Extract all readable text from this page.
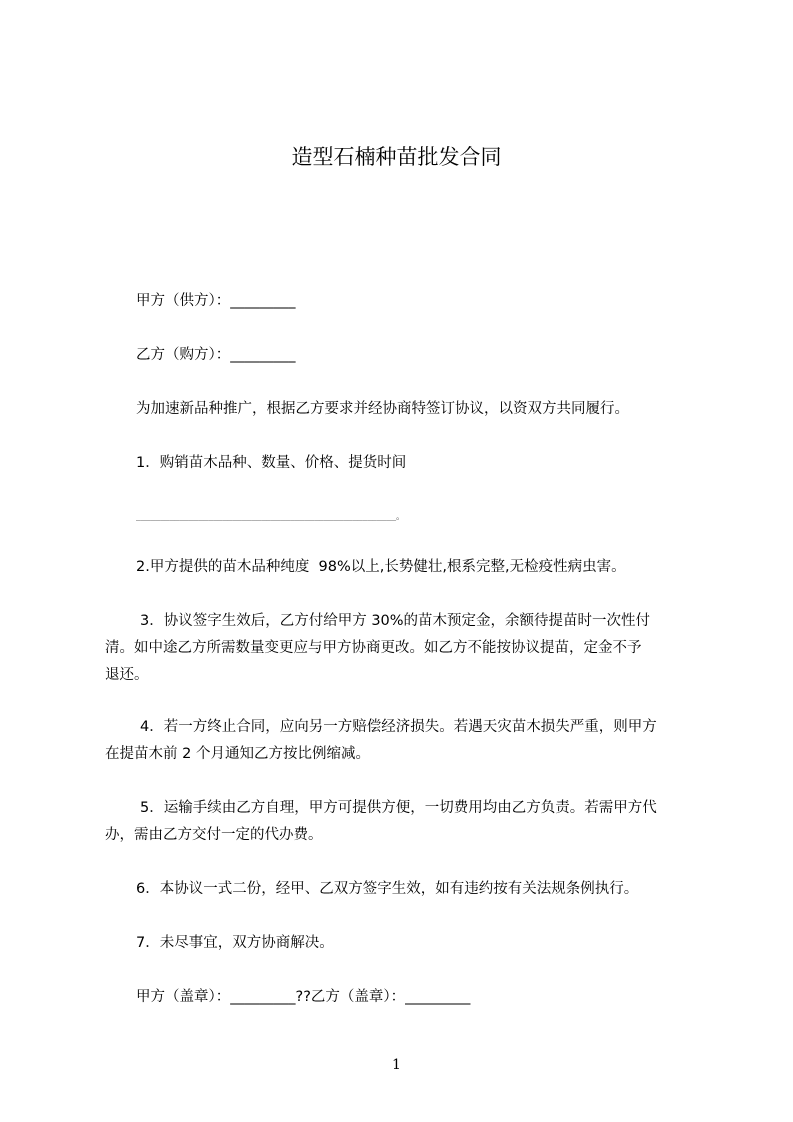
造型石楠种苗批发合同
甲方（供方）：_________
乙方（购方）：_________
为加速新品种推广，根据乙方要求并经协商特签订协议，以资双方共同履行。
1．购销苗木品种、数量、价格、提货时间
______________________________________________________。
2.甲方提供的苗木品种纯度  98%以上,长势健壮,根系完整,无检疫性病虫害。
3．协议签字生效后，乙方付给甲方 30%的苗木预定金，余额待提苗时一次性付
清。如中途乙方所需数量变更应与甲方协商更改。如乙方不能按协议提苗，定金不予
退还。
4．若一方终止合同，应向另一方赔偿经济损失。若遇天灾苗木损失严重，则甲方
在提苗木前 2 个月通知乙方按比例缩减。
5．运输手续由乙方自理，甲方可提供方便，一切费用均由乙方负责。若需甲方代
办，需由乙方交付一定的代办费。
6．本协议一式二份，经甲、乙双方签字生效，如有违约按有关法规条例执行。
7．未尽事宜，双方协商解决。
甲方（盖章）：_________??乙方（盖章）：_________
1
